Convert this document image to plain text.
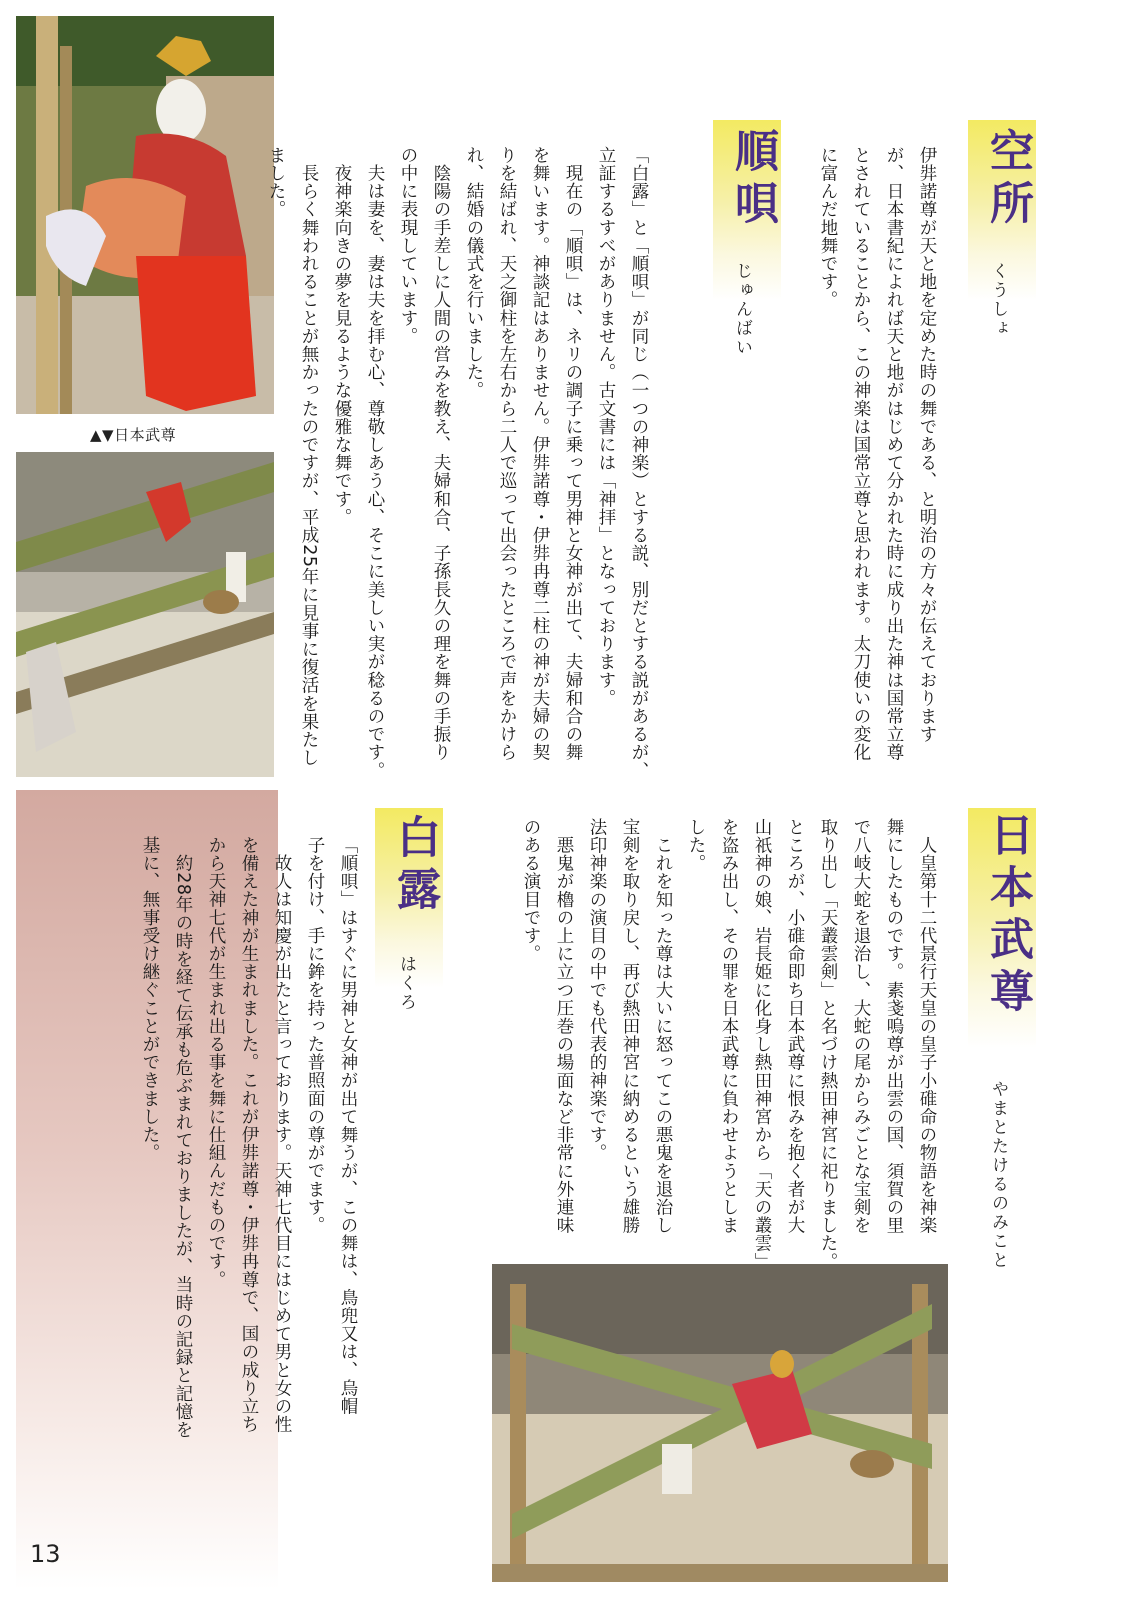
▲▼日本武尊
空所
くうしょ
伊弉諾尊が天と地を定めた時の舞である、と明治の方々が伝えております
が、日本書紀によれば天と地がはじめて分かれた時に成り出た神は国常立尊
とされていることから、この神楽は国常立尊と思われます。太刀使いの変化
に富んだ地舞です。
順唄
じゅんばい
「白露」と「順唄」が同じ（一つの神楽）とする説、別だとする説があるが、
立証するすべがありません。古文書には「神拝」となっております。
　現在の「順唄」は、ネリの調子に乗って男神と女神が出て、夫婦和合の舞
を舞います。神談記はありません。伊弉諾尊・伊弉冉尊二柱の神が夫婦の契
りを結ばれ、天之御柱を左右から二人で巡って出会ったところで声をかけら
れ、結婚の儀式を行いました。
　陰陽の手差しに人間の営みを教え、夫婦和合、子孫長久の理を舞の手振り
の中に表現しています。
　夫は妻を、妻は夫を拝む心、尊敬しあう心、そこに美しい実が稔るのです。
　夜神楽向きの夢を見るような優雅な舞です。
　長らく舞われることが無かったのですが、平成25年に見事に復活を果たし
ました。
日本武尊
やまとたけるのみこと
　人皇第十二代景行天皇の皇子小碓命の物語を神楽
舞にしたものです。素戔嗚尊が出雲の国、須賀の里
で八岐大蛇を退治し、大蛇の尾からみごとな宝剣を
取り出し「天叢雲剣」と名づけ熱田神宮に祀りました。
ところが、小碓命即ち日本武尊に恨みを抱く者が大
山祇神の娘、岩長姫に化身し熱田神宮から「天の叢雲」
を盗み出し、その罪を日本武尊に負わせようとしま
した。
　これを知った尊は大いに怒ってこの悪鬼を退治し
宝剣を取り戻し、再び熱田神宮に納めるという雄勝
法印神楽の演目の中でも代表的神楽です。
　悪鬼が櫓の上に立つ圧巻の場面など非常に外連味
のある演目です。
白露
はくろ
「順唄」はすぐに男神と女神が出て舞うが、この舞は、鳥兜又は、烏帽
子を付け、手に鉾を持った普照面の尊がでます。
　故人は知慶が出たと言っております。天神七代目にはじめて男と女の性
を備えた神が生まれました。これが伊弉諾尊・伊弉冉尊で、国の成り立ち
から天神七代が生まれ出る事を舞に仕組んだものです。
　約28年の時を経て伝承も危ぶまれておりましたが、当時の記録と記憶を
基に、無事受け継ぐことができました。
13
